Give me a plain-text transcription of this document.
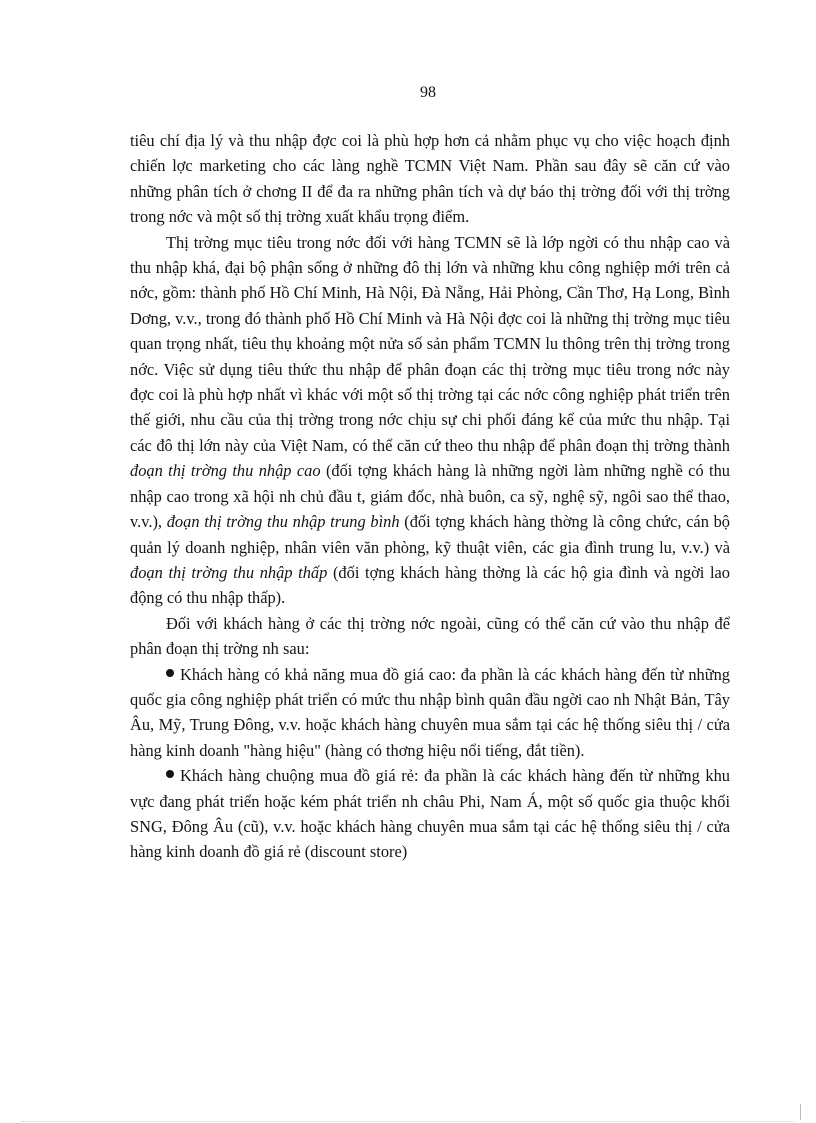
98

tiêu chí địa lý và thu nhập đợc coi là phù hợp hơn cả nhằm phục vụ cho việc hoạch định chiến lợc marketing cho các làng nghề TCMN Việt Nam. Phần sau đây sẽ căn cứ vào những phân tích ở chơng II để đa ra những phân tích và dự báo thị trờng đối với thị trờng trong nớc và một số thị trờng xuất khẩu trọng điểm.

Thị trờng mục tiêu trong nớc đối với hàng TCMN sẽ là lớp ngời có thu nhập cao và thu nhập khá, đại bộ phận sống ở những đô thị lớn và những khu công nghiệp mới trên cả nớc, gồm: thành phố Hồ Chí Minh, Hà Nội, Đà Nẵng, Hải Phòng, Cần Thơ, Hạ Long, Bình Dơng, v.v., trong đó thành phố Hồ Chí Minh và Hà Nội đợc coi là những thị trờng mục tiêu quan trọng nhất, tiêu thụ khoảng một nửa số sản phẩm TCMN lu thông trên thị trờng trong nớc. Việc sử dụng tiêu thức thu nhập để phân đoạn các thị trờng mục tiêu trong nớc này đợc coi là phù hợp nhất vì khác với một số thị trờng tại các nớc công nghiệp phát triển trên thế giới, nhu cầu của thị trờng trong nớc chịu sự chi phối đáng kể của mức thu nhập. Tại các đô thị lớn này của Việt Nam, có thể căn cứ theo thu nhập để phân đoạn thị trờng thành đoạn thị trờng thu nhập cao (đối tợng khách hàng là những ngời làm những nghề có thu nhập cao trong xã hội nh chủ đầu t, giám đốc, nhà buôn, ca sỹ, nghệ sỹ, ngôi sao thể thao, v.v.), đoạn thị trờng thu nhập trung bình (đối tợng khách hàng thờng là công chức, cán bộ quản lý doanh nghiệp, nhân viên văn phòng, kỹ thuật viên, các gia đình trung lu, v.v.) và đoạn thị trờng thu nhập thấp (đối tợng khách hàng thờng là các hộ gia đình và ngời lao động có thu nhập thấp).

Đối với khách hàng ở các thị trờng nớc ngoài, cũng có thể căn cứ vào thu nhập để phân đoạn thị trờng nh sau:

Khách hàng có khả năng mua đồ giá cao: đa phần là các khách hàng đến từ những quốc gia công nghiệp phát triển có mức thu nhập bình quân đầu ngời cao nh Nhật Bản, Tây Âu, Mỹ, Trung Đông, v.v. hoặc khách hàng chuyên mua sắm tại các hệ thống siêu thị / cửa hàng kinh doanh "hàng hiệu" (hàng có thơng hiệu nổi tiếng, đắt tiền).

Khách hàng chuộng mua đồ giá rẻ: đa phần là các khách hàng đến từ những khu vực đang phát triển hoặc kém phát triển nh châu Phi, Nam Á, một số quốc gia thuộc khối SNG, Đông Âu (cũ), v.v. hoặc khách hàng chuyên mua sắm tại các hệ thống siêu thị / cửa hàng kinh doanh đồ giá rẻ (discount store)
